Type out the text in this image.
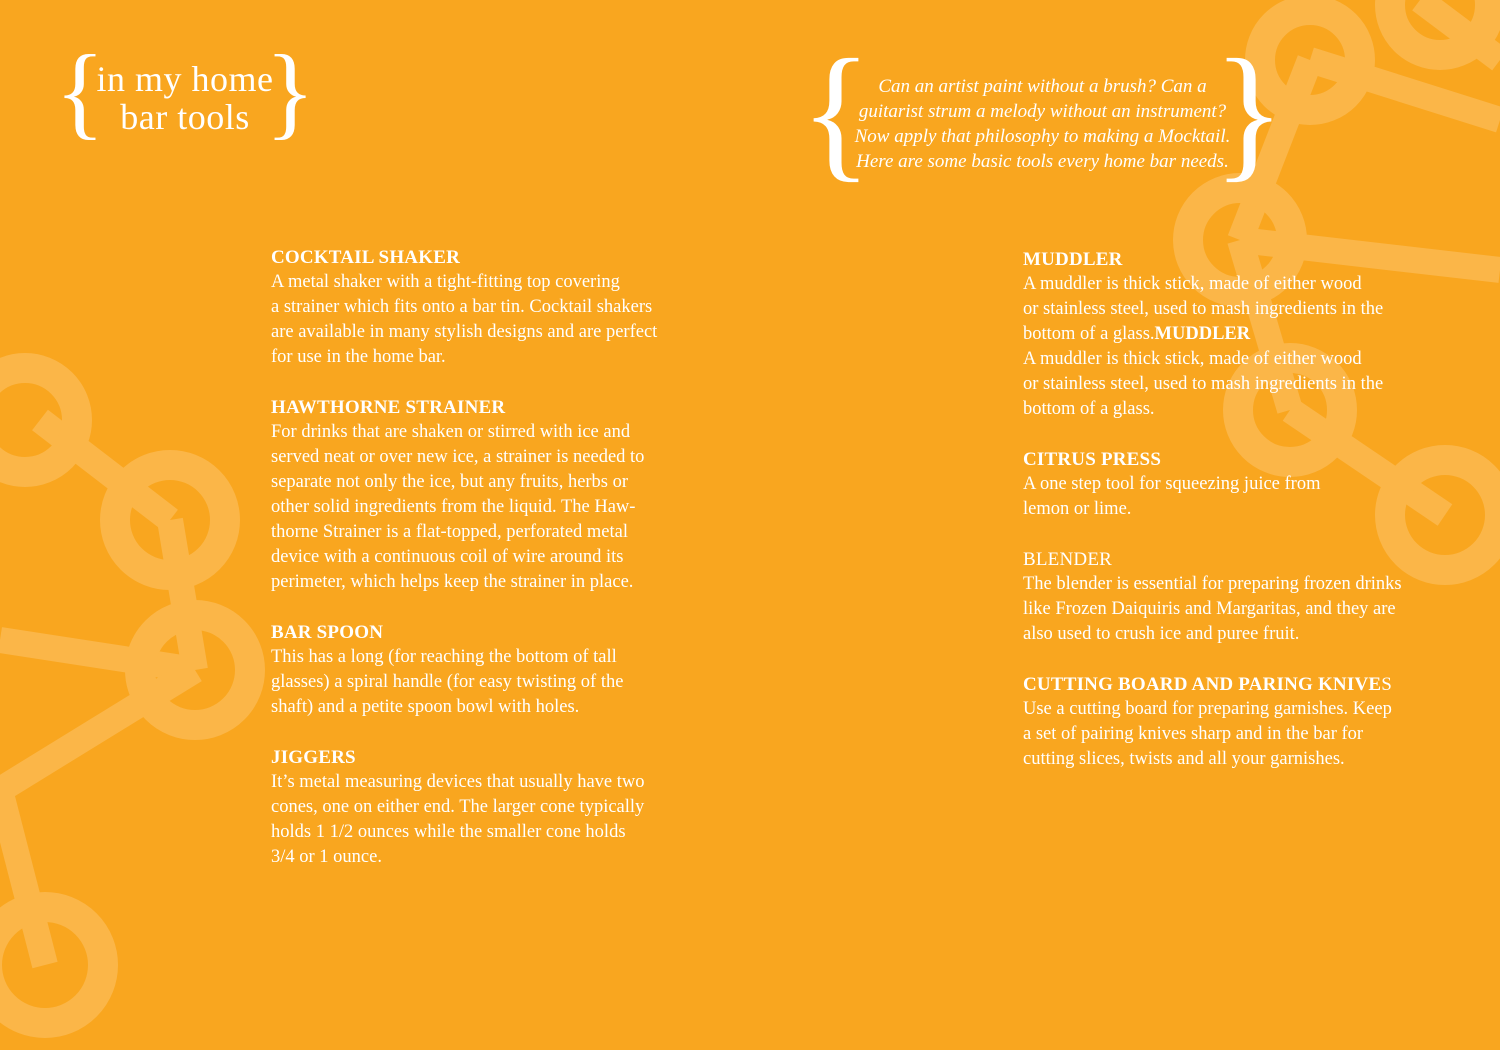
{
in my home
bar tools }	{ Can an artist paint without a brush? Can a guitarist strum a melody without an instrument? Now apply that philosophy to making a Mocktail. Here are some basic tools every home bar needs.
}
COCKTAIL SHAKER
A metal shaker with a tight-fitting top covering
a strainer which fits onto a bar tin. Cocktail shakers
are available in many stylish designs and are perfect
for use in the home bar.
HAWTHORNE STRAINER
For drinks that are shaken or stirred with ice and
served neat or over new ice, a strainer is needed to
separate not only the ice, but any fruits, herbs or
other solid ingredients from the liquid. The Haw-
thorne Strainer is a flat-topped, perforated metal
device with a continuous coil of wire around its
perimeter, which helps keep the strainer in place.
BAR SPOON
This has a long (for reaching the bottom of tall
glasses) a spiral handle (for easy twisting of the
shaft) and a petite spoon bowl with holes.
JIGGERS
It’s metal measuring devices that usually have two
cones, one on either end. The larger cone typically
holds 1 1/2 ounces while the smaller cone holds
3/4 or 1 ounce.
MUDDLER
A muddler is thick stick, made of either wood
or stainless steel, used to mash ingredients in the
bottom of a glass.MUDDLER
A muddler is thick stick, made of either wood
or stainless steel, used to mash ingredients in the
bottom of a glass.
CITRUS PRESS
A one step tool for squeezing juice from
lemon or lime.
BLENDER
The blender is essential for preparing frozen drinks
like Frozen Daiquiris and Margaritas, and they are
also used to crush ice and puree fruit.
CUTTING BOARD AND PARING KNIVES
Use a cutting board for preparing garnishes. Keep
a set of pairing knives sharp and in the bar for
cutting slices, twists and all your garnishes.
